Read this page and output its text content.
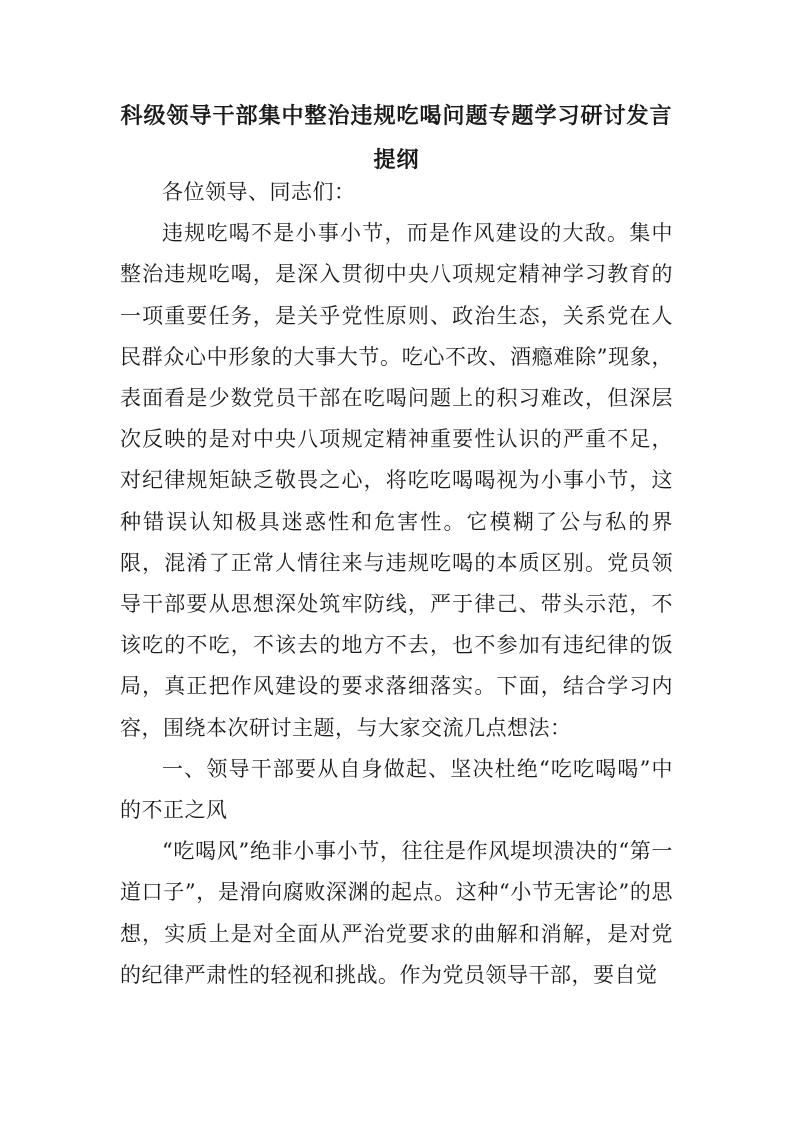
科级领导干部集中整治违规吃喝问题专题学习研讨发言提纲

各位领导、同志们：

违规吃喝不是小事小节，而是作风建设的大敌。集中整治违规吃喝，是深入贯彻中央八项规定精神学习教育的一项重要任务，是关乎党性原则、政治生态，关系党在人民群众心中形象的大事大节。吃心不改、酒瘾难除”现象，表面看是少数党员干部在吃喝问题上的积习难改，但深层次反映的是对中央八项规定精神重要性认识的严重不足，对纪律规矩缺乏敬畏之心，将吃吃喝喝视为小事小节，这种错误认知极具迷惑性和危害性。它模糊了公与私的界限，混淆了正常人情往来与违规吃喝的本质区别。党员领导干部要从思想深处筑牢防线，严于律己、带头示范，不该吃的不吃，不该去的地方不去，也不参加有违纪律的饭局，真正把作风建设的要求落细落实。下面，结合学习内容，围绕本次研讨主题，与大家交流几点想法：

一、领导干部要从自身做起、坚决杜绝“吃吃喝喝”中的不正之风

“吃喝风”绝非小事小节，往往是作风堤坝溃决的“第一道口子”，是滑向腐败深渊的起点。这种“小节无害论”的思想，实质上是对全面从严治党要求的曲解和消解，是对党的纪律严肃性的轻视和挑战。作为党员领导干部，要自觉
